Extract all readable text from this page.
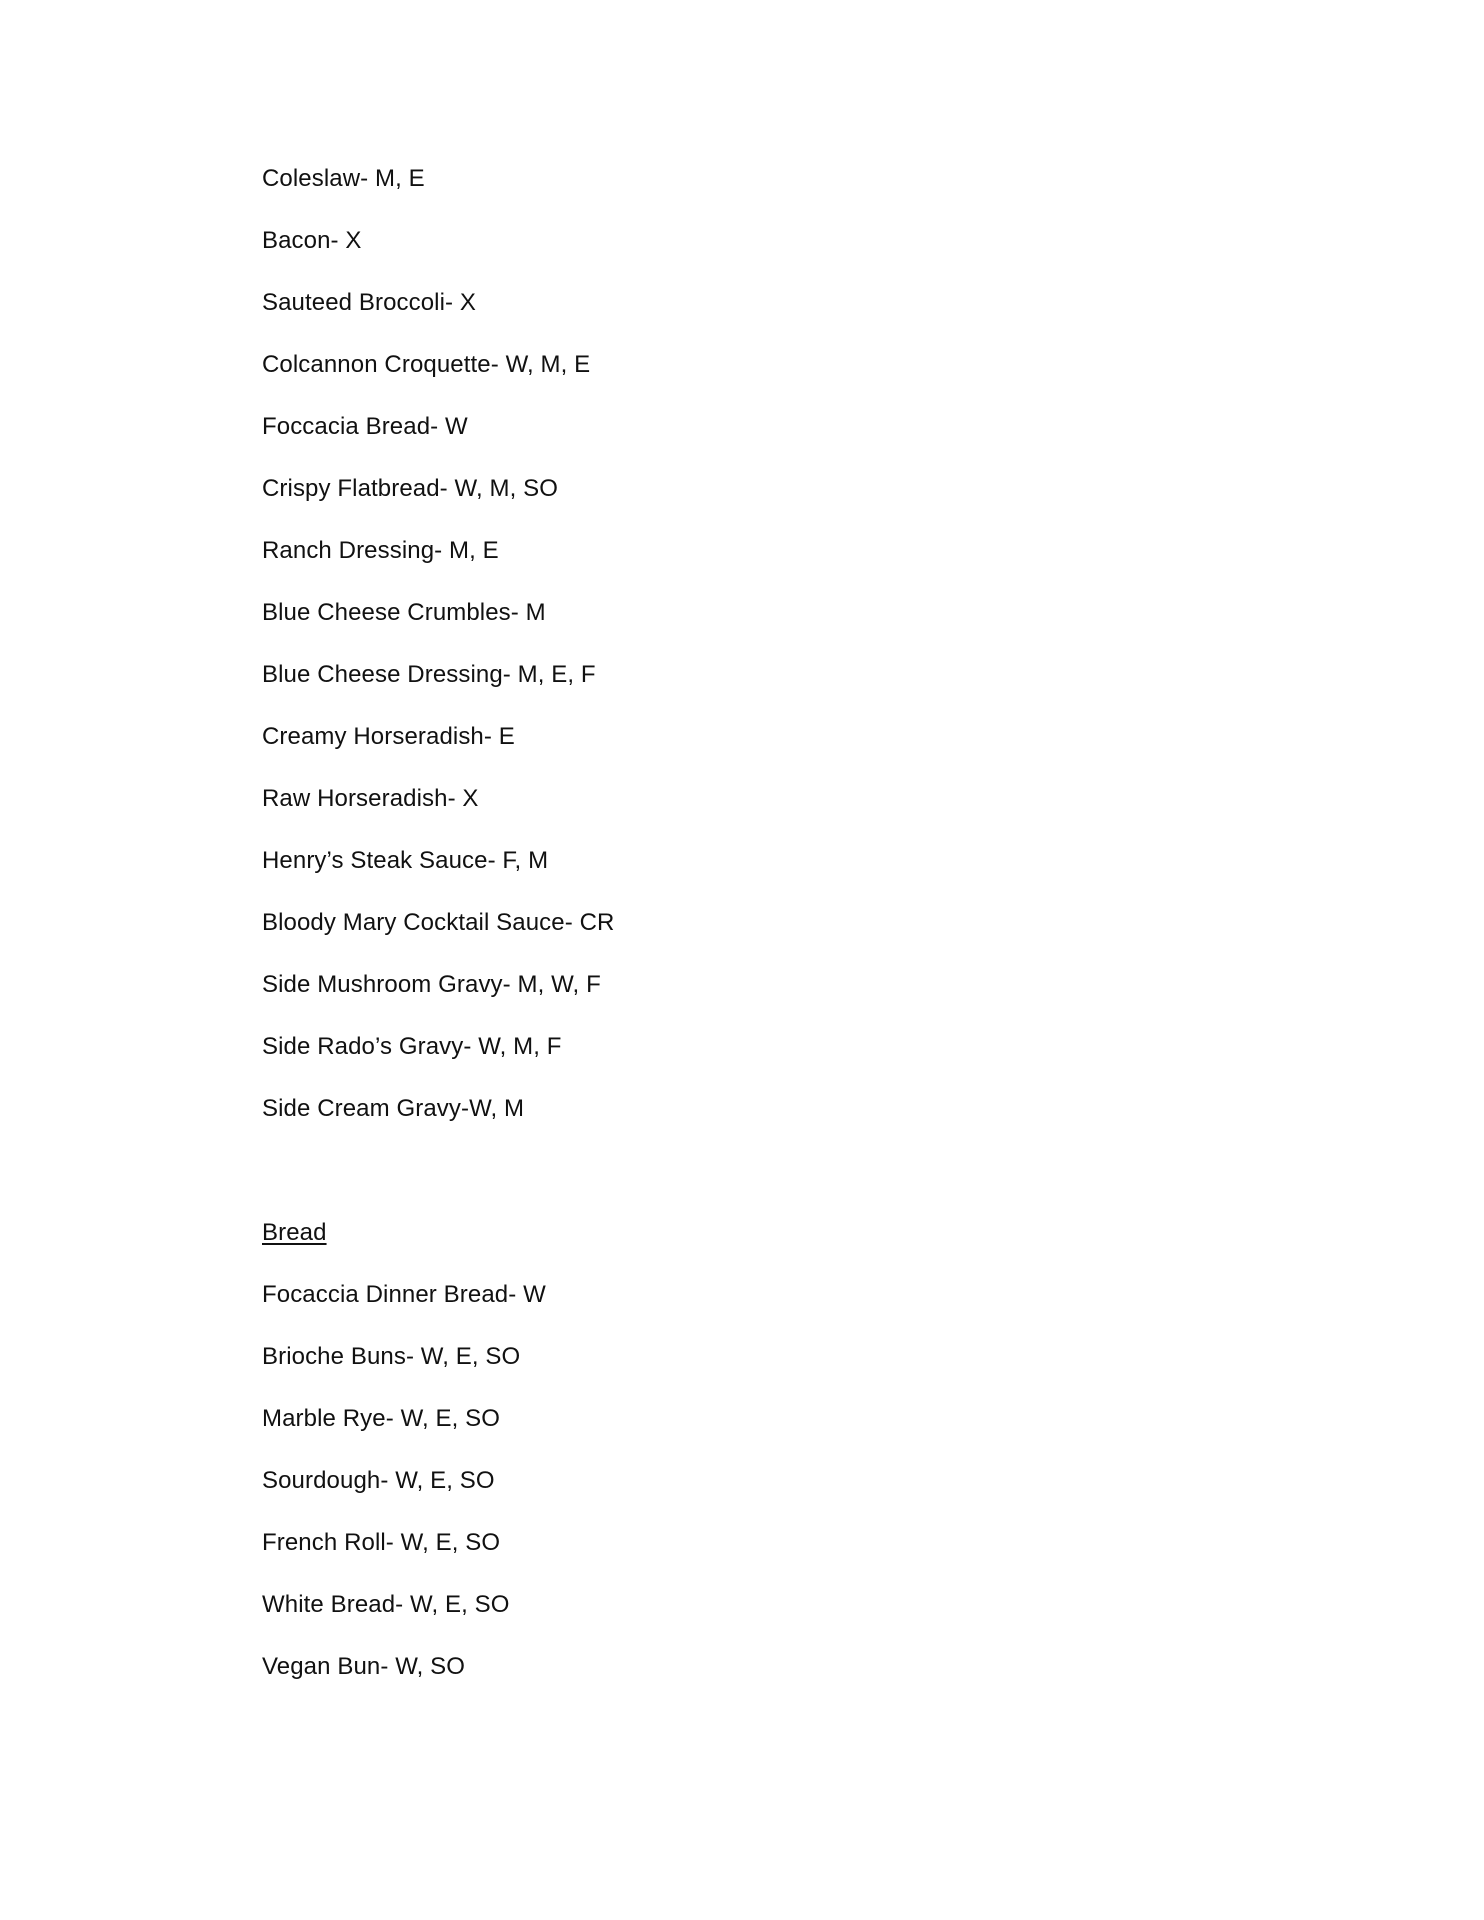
Coleslaw- M, E
Bacon- X
Sauteed Broccoli- X
Colcannon Croquette- W, M, E
Foccacia Bread- W
Crispy Flatbread- W, M, SO
Ranch Dressing- M, E
Blue Cheese Crumbles- M
Blue Cheese Dressing- M, E, F
Creamy Horseradish- E
Raw Horseradish- X
Henry’s Steak Sauce- F, M
Bloody Mary Cocktail Sauce- CR
Side Mushroom Gravy- M, W, F
Side Rado’s Gravy- W, M, F
Side Cream Gravy-W, M
Bread
Focaccia Dinner Bread- W
Brioche Buns- W, E, SO
Marble Rye- W, E, SO
Sourdough- W, E, SO
French Roll- W, E, SO
White Bread- W, E, SO
Vegan Bun- W, SO
